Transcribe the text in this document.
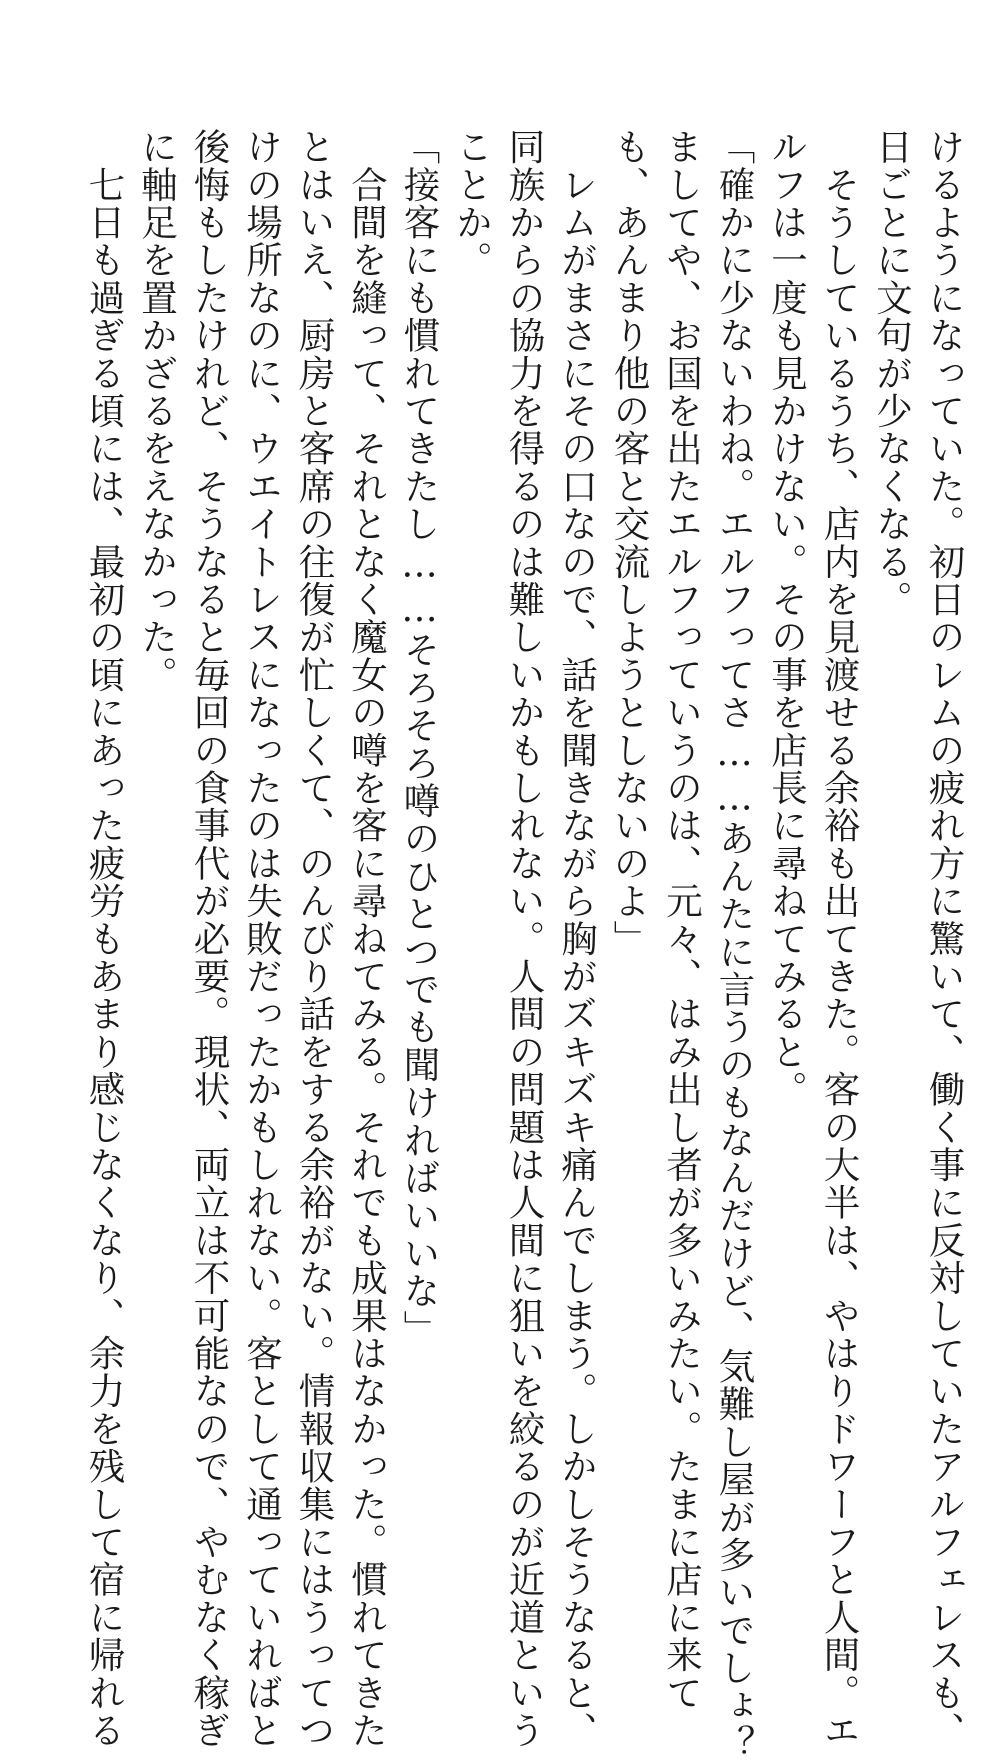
けるようになっていた。初日のレムの疲れ方に驚いて、働く事に反対していたアルフェレスも、

日ごとに文句が少なくなる。

　そうしているうち、店内を見渡せる余裕も出てきた。客の大半は、やはりドワーフと人間。エ

ルフは一度も見かけない。その事を店長に尋ねてみると。

「確かに少ないわね。エルフってさ……あんたに言うのもなんだけど、気難し屋が多いでしょ？

ましてや、お国を出たエルフっていうのは、元々、はみ出し者が多いみたい。たまに店に来て

も、あんまり他の客と交流しようとしないのよ」

　レムがまさにその口なので、話を聞きながら胸がズキズキ痛んでしまう。しかしそうなると、

同族からの協力を得るのは難しいかもしれない。人間の問題は人間に狙いを絞るのが近道という

ことか。

「接客にも慣れてきたし……そろそろ噂のひとつでも聞ければいいな」

　合間を縫って、それとなく魔女の噂を客に尋ねてみる。それでも成果はなかった。慣れてきた

とはいえ、厨房と客席の往復が忙しくて、のんびり話をする余裕がない。情報収集にはうってつ

けの場所なのに、ウエイトレスになったのは失敗だったかもしれない。客として通っていればと

後悔もしたけれど、そうなると毎回の食事代が必要。現状、両立は不可能なので、やむなく稼ぎ

に軸足を置かざるをえなかった。

　七日も過ぎる頃には、最初の頃にあった疲労もあまり感じなくなり、余力を残して宿に帰れる
